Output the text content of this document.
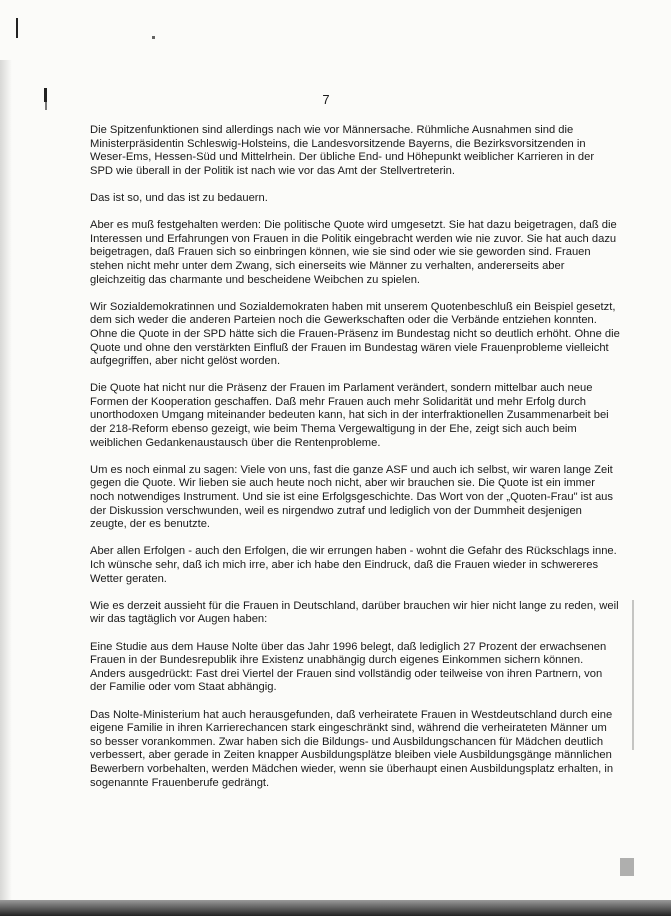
7

Die Spitzenfunktionen sind allerdings nach wie vor Männersache. Rühmliche Ausnahmen sind die Ministerpräsidentin Schleswig-Holsteins, die Landesvorsitzende Bayerns, die Bezirksvorsitzenden in Weser-Ems, Hessen-Süd und Mittelrhein. Der übliche End- und Höhepunkt weiblicher Karrieren in der SPD wie überall in der Politik ist nach wie vor das Amt der Stellvertreterin.

Das ist so, und das ist zu bedauern.

Aber es muß festgehalten werden: Die politische Quote wird umgesetzt. Sie hat dazu beigetragen, daß die Interessen und Erfahrungen von Frauen in die Politik eingebracht werden wie nie zuvor. Sie hat auch dazu beigetragen, daß Frauen sich so einbringen können, wie sie sind oder wie sie geworden sind. Frauen stehen nicht mehr unter dem Zwang, sich einerseits wie Männer zu verhalten, andererseits aber gleichzeitig das charmante und bescheidene Weibchen zu spielen.

Wir Sozialdemokratinnen und Sozialdemokraten haben mit unserem Quotenbeschluß ein Beispiel gesetzt, dem sich weder die anderen Parteien noch die Gewerkschaften oder die Verbände entziehen konnten. Ohne die Quote in der SPD hätte sich die Frauen-Präsenz im Bundestag nicht so deutlich erhöht. Ohne die Quote und ohne den verstärkten Einfluß der Frauen im Bundestag wären viele Frauenprobleme vielleicht aufgegriffen, aber nicht gelöst worden.

Die Quote hat nicht nur die Präsenz der Frauen im Parlament verändert, sondern mittelbar auch neue Formen der Kooperation geschaffen. Daß mehr Frauen auch mehr Solidarität und mehr Erfolg durch unorthodoxen Umgang miteinander bedeuten kann, hat sich in der interfraktionellen Zusammenarbeit bei der 218-Reform ebenso gezeigt, wie beim Thema Vergewaltigung in der Ehe, zeigt sich auch beim weiblichen Gedankenaustausch über die Rentenprobleme.

Um es noch einmal zu sagen: Viele von uns, fast die ganze ASF und auch ich selbst, wir waren lange Zeit gegen die Quote. Wir lieben sie auch heute noch nicht, aber wir brauchen sie. Die Quote ist ein immer noch notwendiges Instrument. Und sie ist eine Erfolgsgeschichte. Das Wort von der „Quoten-Frau" ist aus der Diskussion verschwunden, weil es nirgendwo zutraf und lediglich von der Dummheit desjenigen zeugte, der es benutzte.

Aber allen Erfolgen - auch den Erfolgen, die wir errungen haben - wohnt die Gefahr des Rückschlags inne. Ich wünsche sehr, daß ich mich irre, aber ich habe den Eindruck, daß die Frauen wieder in schwereres Wetter geraten.

Wie es derzeit aussieht für die Frauen in Deutschland, darüber brauchen wir hier nicht lange zu reden, weil wir das tagtäglich vor Augen haben:

Eine Studie aus dem Hause Nolte über das Jahr 1996 belegt, daß lediglich 27 Prozent der erwachsenen Frauen in der Bundesrepublik ihre Existenz unabhängig durch eigenes Einkommen sichern können. Anders ausgedrückt: Fast drei Viertel der Frauen sind vollständig oder teilweise von ihren Partnern, von der Familie oder vom Staat abhängig.

Das Nolte-Ministerium hat auch herausgefunden, daß verheiratete Frauen in Westdeutschland durch eine eigene Familie in ihren Karrierechancen stark eingeschränkt sind, während die verheirateten Männer um so besser vorankommen. Zwar haben sich die Bildungs- und Ausbildungschancen für Mädchen deutlich verbessert, aber gerade in Zeiten knapper Ausbildungsplätze bleiben viele Ausbildungsgänge männlichen Bewerbern vorbehalten, werden Mädchen wieder, wenn sie überhaupt einen Ausbildungsplatz erhalten, in sogenannte Frauenberufe gedrängt.
